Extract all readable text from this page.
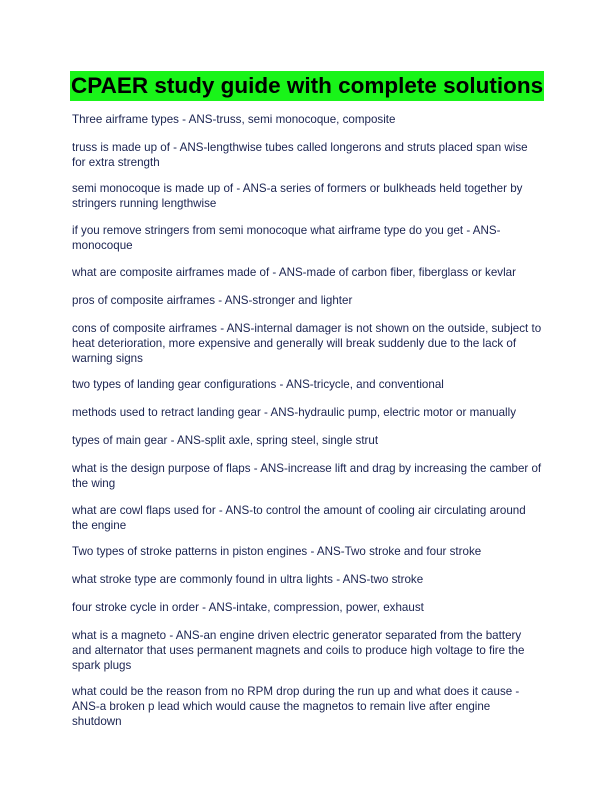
CPAER study guide with complete solutions

Three airframe types - ANS-truss, semi monocoque, composite

truss is made up of - ANS-lengthwise tubes called longerons and struts placed span wise for extra strength

semi monocoque is made up of - ANS-a series of formers or bulkheads held together by stringers running lengthwise

if you remove stringers from semi monocoque what airframe type do you get - ANS-monocoque

what are composite airframes made of - ANS-made of carbon fiber, fiberglass or kevlar

pros of composite airframes - ANS-stronger and lighter

cons of composite airframes - ANS-internal damager is not shown on the outside, subject to heat deterioration, more expensive and generally will break suddenly due to the lack of warning signs

two types of landing gear configurations - ANS-tricycle, and conventional

methods used to retract landing gear - ANS-hydraulic pump, electric motor or manually

types of main gear - ANS-split axle, spring steel, single strut

what is the design purpose of flaps - ANS-increase lift and drag by increasing the camber of the wing

what are cowl flaps used for - ANS-to control the amount of cooling air circulating around the engine

Two types of stroke patterns in piston engines - ANS-Two stroke and four stroke

what stroke type are commonly found in ultra lights - ANS-two stroke

four stroke cycle in order - ANS-intake, compression, power, exhaust

what is a magneto - ANS-an engine driven electric generator separated from the battery and alternator that uses permanent magnets and coils to produce high voltage to fire the spark plugs

what could be the reason from no RPM drop during the run up and what does it cause - ANS-a broken p lead which would cause the magnetos to remain live after engine shutdown
